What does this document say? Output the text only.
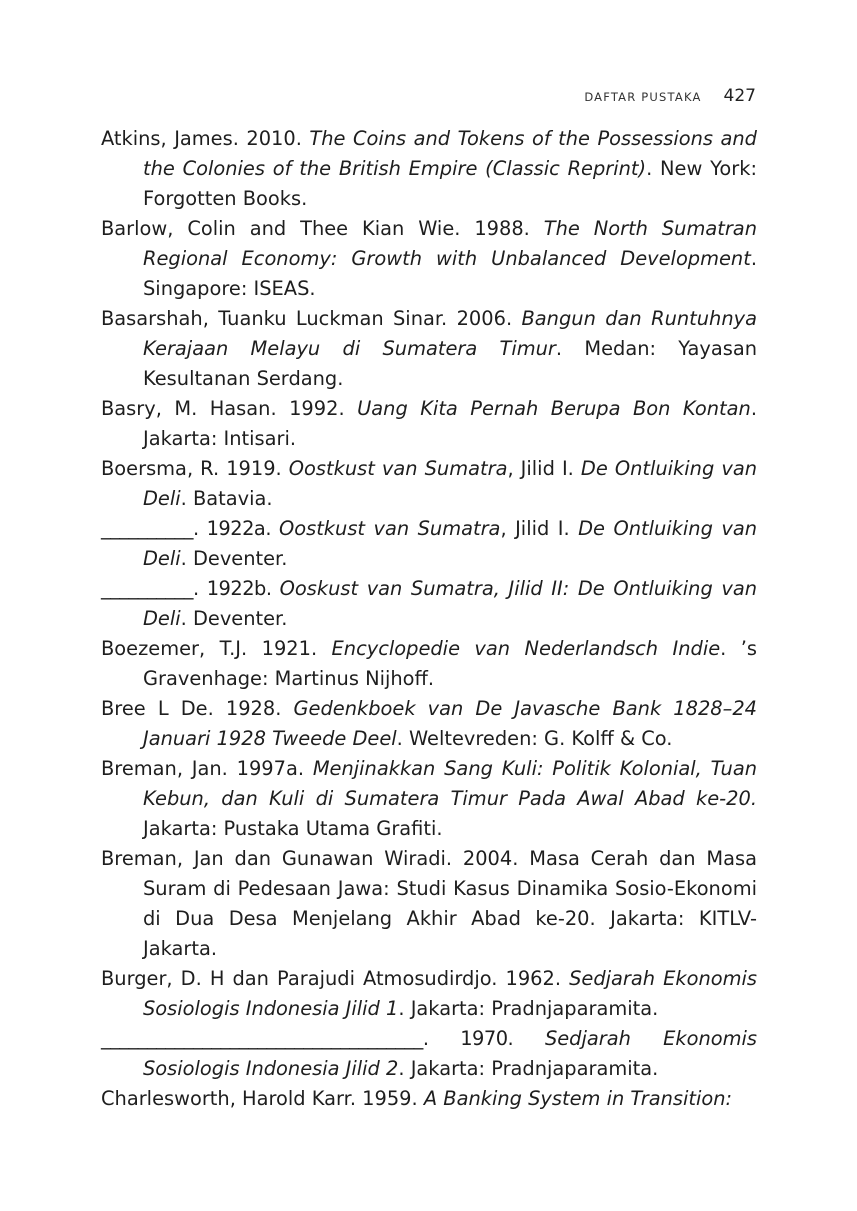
DAFTAR PUSTAKA 427
Atkins, James. 2010. The Coins and Tokens of the Possessions and the Colonies of the British Empire (Classic Reprint). New York: Forgotten Books.
Barlow, Colin and Thee Kian Wie. 1988. The North Sumatran Regional Economy: Growth with Unbalanced Development. Singapore: ISEAS.
Basarshah, Tuanku Luckman Sinar. 2006. Bangun dan Runtuhnya Kerajaan Melayu di Sumatera Timur. Medan: Yayasan Kesultanan Serdang.
Basry, M. Hasan. 1992. Uang Kita Pernah Berupa Bon Kontan. Jakarta: Intisari.
Boersma, R. 1919. Oostkust van Sumatra, Jilid I. De Ontluiking van Deli. Batavia.
__________. 1922a. Oostkust van Sumatra, Jilid I. De Ontluiking van Deli. Deventer.
__________. 1922b. Ooskust van Sumatra, Jilid II: De Ontluiking van Deli. Deventer.
Boezemer, T.J. 1921. Encyclopedie van Nederlandsch Indie. ’s Gravenhage: Martinus Nijhoff.
Bree L De. 1928. Gedenkboek van De Javasche Bank 1828–24 Januari 1928 Tweede Deel. Weltevreden: G. Kolff & Co.
Breman, Jan. 1997a. Menjinakkan Sang Kuli: Politik Kolonial, Tuan Kebun, dan Kuli di Sumatera Timur Pada Awal Abad ke-20. Jakarta: Pustaka Utama Grafiti.
Breman, Jan dan Gunawan Wiradi. 2004. Masa Cerah dan Masa Suram di Pedesaan Jawa: Studi Kasus Dinamika Sosio-Ekonomi di Dua Desa Menjelang Akhir Abad ke-20. Jakarta: KITLV-Jakarta.
Burger, D. H dan Parajudi Atmosudirdjo. 1962. Sedjarah Ekonomis Sosiologis Indonesia Jilid 1. Jakarta: Pradnjaparamita.
___________________________________. 1970. Sedjarah Ekonomis Sosiologis Indonesia Jilid 2. Jakarta: Pradnjaparamita.
Charlesworth, Harold Karr. 1959. A Banking System in Transition:
